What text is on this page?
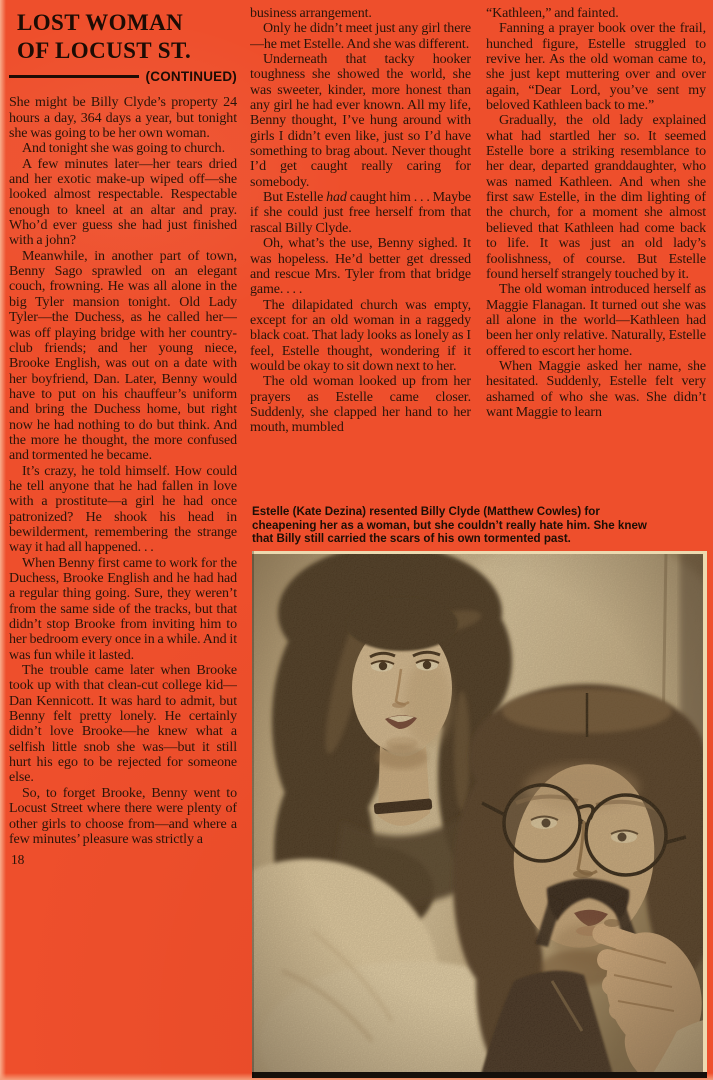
LOST WOMAN
OF LOCUST ST.
(CONTINUED)

She might be Billy Clyde’s property 24 hours a day, 364 days a year, but tonight she was going to be her own woman.

And tonight she was going to church.

A few minutes later—her tears dried and her exotic make-up wiped off—she looked almost respectable. Respectable enough to kneel at an altar and pray. Who’d ever guess she had just finished with a john?

Meanwhile, in another part of town, Benny Sago sprawled on an elegant couch, frowning. He was all alone in the big Tyler mansion tonight. Old Lady Tyler—the Duchess, as he called her—was off playing bridge with her country-club friends; and her young niece, Brooke English, was out on a date with her boyfriend, Dan. Later, Benny would have to put on his chauffeur’s uniform and bring the Duchess home, but right now he had nothing to do but think. And the more he thought, the more confused and tormented he became.

It’s crazy, he told himself. How could he tell anyone that he had fallen in love with a prostitute—a girl he had once patronized? He shook his head in bewilderment, remembering the strange way it had all happened. . .

When Benny first came to work for the Duchess, Brooke English and he had had a regular thing going. Sure, they weren’t from the same side of the tracks, but that didn’t stop Brooke from inviting him to her bedroom every once in a while. And it was fun while it lasted.

The trouble came later when Brooke took up with that clean-cut college kid—Dan Kennicott. It was hard to admit, but Benny felt pretty lonely. He certainly didn’t love Brooke—he knew what a selfish little snob she was—but it still hurt his ego to be rejected for someone else.

So, to forget Brooke, Benny went to Locust Street where there were plenty of other girls to choose from—and where a few minutes’ pleasure was strictly a

18

business arrangement.

Only he didn’t meet just any girl there—he met Estelle. And she was different.

Underneath that tacky hooker toughness she showed the world, she was sweeter, kinder, more honest than any girl he had ever known. All my life, Benny thought, I’ve hung around with girls I didn’t even like, just so I’d have something to brag about. Never thought I’d get caught really caring for somebody.

But Estelle had caught him . . . Maybe if she could just free herself from that rascal Billy Clyde.

Oh, what’s the use, Benny sighed. It was hopeless. He’d better get dressed and rescue Mrs. Tyler from that bridge game. . . .

The dilapidated church was empty, except for an old woman in a raggedy black coat. That lady looks as lonely as I feel, Estelle thought, wondering if it would be okay to sit down next to her.

The old woman looked up from her prayers as Estelle came closer. Suddenly, she clapped her hand to her mouth, mumbled

“Kathleen,” and fainted.

Fanning a prayer book over the frail, hunched figure, Estelle struggled to revive her. As the old woman came to, she just kept muttering over and over again, “Dear Lord, you’ve sent my beloved Kathleen back to me.”

Gradually, the old lady explained what had startled her so. It seemed Estelle bore a striking resemblance to her dear, departed granddaughter, who was named Kathleen. And when she first saw Estelle, in the dim lighting of the church, for a moment she almost believed that Kathleen had come back to life. It was just an old lady’s foolishness, of course. But Estelle found herself strangely touched by it.

The old woman introduced herself as Maggie Flanagan. It turned out she was all alone in the world—Kathleen had been her only relative. Naturally, Estelle offered to escort her home.

When Maggie asked her name, she hesitated. Suddenly, Estelle felt very ashamed of who she was. She didn’t want Maggie to learn

Estelle (Kate Dezina) resented Billy Clyde (Matthew Cowles) for cheapening her as a woman, but she couldn’t really hate him. She knew that Billy still carried the scars of his own tormented past.
